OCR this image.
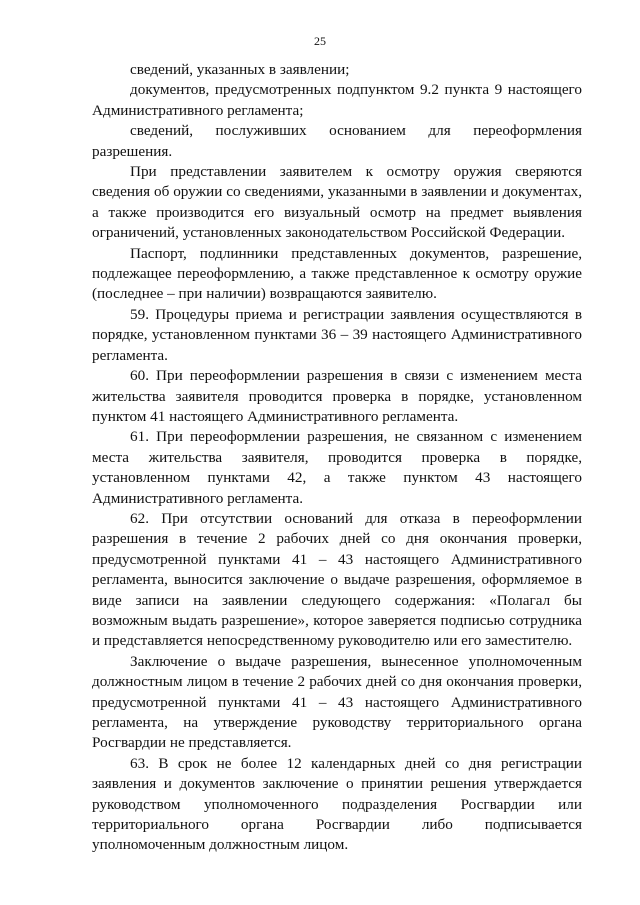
25

сведений, указанных в заявлении;

документов, предусмотренных подпунктом 9.2 пункта 9 настоящего Административного регламента;

сведений, послуживших основанием для переоформления разрешения.

При представлении заявителем к осмотру оружия сверяются сведения об оружии со сведениями, указанными в заявлении и документах, а также производится его визуальный осмотр на предмет выявления ограничений, установленных законодательством Российской Федерации.

Паспорт, подлинники представленных документов, разрешение, подлежащее переоформлению, а также представленное к осмотру оружие (последнее – при наличии) возвращаются заявителю.

59. Процедуры приема и регистрации заявления осуществляются в порядке, установленном пунктами 36 – 39 настоящего Административного регламента.

60. При переоформлении разрешения в связи с изменением места жительства заявителя проводится проверка в порядке, установленном пунктом 41 настоящего Административного регламента.

61. При переоформлении разрешения, не связанном с изменением места жительства заявителя, проводится проверка в порядке, установленном пунктами 42, а также пунктом 43 настоящего Административного регламента.

62. При отсутствии оснований для отказа в переоформлении разрешения в течение 2 рабочих дней со дня окончания проверки, предусмотренной пунктами 41 – 43 настоящего Административного регламента, выносится заключение о выдаче разрешения, оформляемое в виде записи на заявлении следующего содержания: «Полагал бы возможным выдать разрешение», которое заверяется подписью сотрудника и представляется непосредственному руководителю или его заместителю.

Заключение о выдаче разрешения, вынесенное уполномоченным должностным лицом в течение 2 рабочих дней со дня окончания проверки, предусмотренной пунктами 41 – 43 настоящего Административного регламента, на утверждение руководству территориального органа Росгвардии не представляется.

63. В срок не более 12 календарных дней со дня регистрации заявления и документов заключение о принятии решения утверждается руководством уполномоченного подразделения Росгвардии или территориального органа Росгвардии либо подписывается уполномоченным должностным лицом.
